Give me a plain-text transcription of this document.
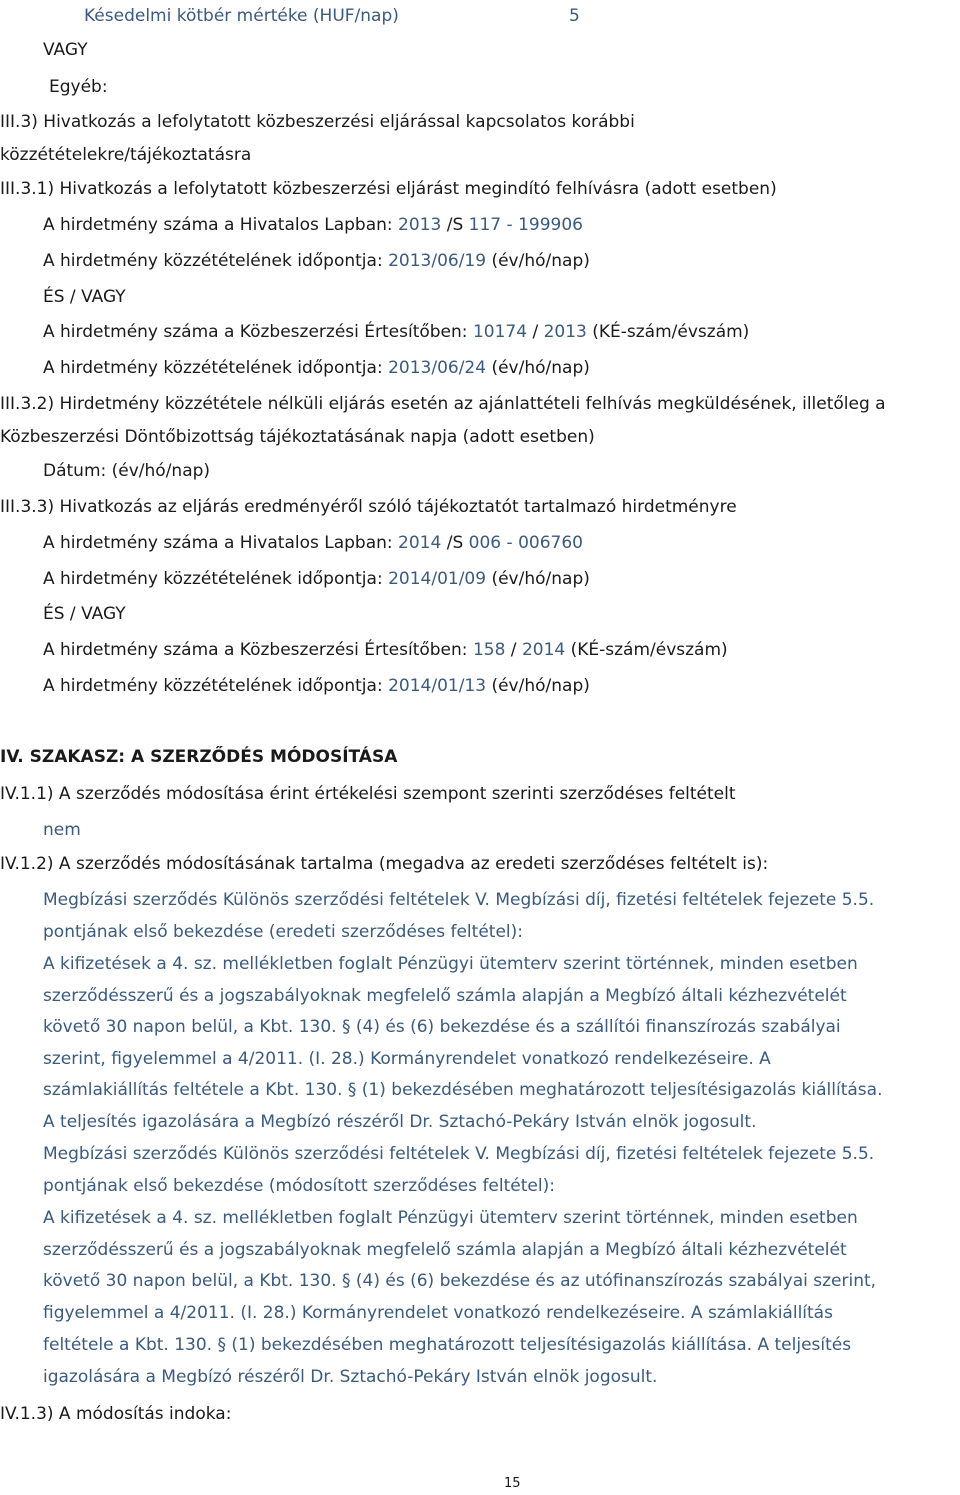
Késedelmi kötbér mértéke (HUF/nap)	5
VAGY
Egyéb:
III.3) Hivatkozás a lefolytatott közbeszerzési eljárással kapcsolatos korábbi
közzétételekre/tájékoztatásra
III.3.1) Hivatkozás a lefolytatott közbeszerzési eljárást megindító felhívásra (adott esetben)
A hirdetmény száma a Hivatalos Lapban: 2013 /S 117 - 199906
A hirdetmény közzétételének időpontja: 2013/06/19 (év/hó/nap)
ÉS / VAGY
A hirdetmény száma a Közbeszerzési Értesítőben: 10174 / 2013 (KÉ-szám/évszám)
A hirdetmény közzétételének időpontja: 2013/06/24 (év/hó/nap)
III.3.2) Hirdetmény közzététele nélküli eljárás esetén az ajánlattételi felhívás megküldésének, illetőleg a
Közbeszerzési Döntőbizottság tájékoztatásának napja (adott esetben)
Dátum: (év/hó/nap)
III.3.3) Hivatkozás az eljárás eredményéről szóló tájékoztatót tartalmazó hirdetményre
A hirdetmény száma a Hivatalos Lapban: 2014 /S 006 - 006760
A hirdetmény közzétételének időpontja: 2014/01/09 (év/hó/nap)
ÉS / VAGY
A hirdetmény száma a Közbeszerzési Értesítőben: 158 / 2014 (KÉ-szám/évszám)
A hirdetmény közzétételének időpontja: 2014/01/13 (év/hó/nap)
IV. SZAKASZ: A SZERZŐDÉS MÓDOSÍTÁSA
IV.1.1) A szerződés módosítása érint értékelési szempont szerinti szerződéses feltételt
nem
IV.1.2) A szerződés módosításának tartalma (megadva az eredeti szerződéses feltételt is):
Megbízási szerződés Különös szerződési feltételek V. Megbízási díj, fizetési feltételek fejezete 5.5.
pontjának első bekezdése (eredeti szerződéses feltétel):
A kifizetések a 4. sz. mellékletben foglalt Pénzügyi ütemterv szerint történnek, minden esetben
szerződésszerű és a jogszabályoknak megfelelő számla alapján a Megbízó általi kézhezvételét
követő 30 napon belül, a Kbt. 130. § (4) és (6) bekezdése és a szállítói finanszírozás szabályai
szerint, figyelemmel a 4/2011. (I. 28.) Kormányrendelet vonatkozó rendelkezéseire. A
számlakiállítás feltétele a Kbt. 130. § (1) bekezdésében meghatározott teljesítésigazolás kiállítása.
A teljesítés igazolására a Megbízó részéről Dr. Sztachó-Pekáry István elnök jogosult.
Megbízási szerződés Különös szerződési feltételek V. Megbízási díj, fizetési feltételek fejezete 5.5.
pontjának első bekezdése (módosított szerződéses feltétel):
A kifizetések a 4. sz. mellékletben foglalt Pénzügyi ütemterv szerint történnek, minden esetben
szerződésszerű és a jogszabályoknak megfelelő számla alapján a Megbízó általi kézhezvételét
követő 30 napon belül, a Kbt. 130. § (4) és (6) bekezdése és az utófinanszírozás szabályai szerint,
figyelemmel a 4/2011. (I. 28.) Kormányrendelet vonatkozó rendelkezéseire. A számlakiállítás
feltétele a Kbt. 130. § (1) bekezdésében meghatározott teljesítésigazolás kiállítása. A teljesítés
igazolására a Megbízó részéről Dr. Sztachó-Pekáry István elnök jogosult.
IV.1.3) A módosítás indoka:
15
